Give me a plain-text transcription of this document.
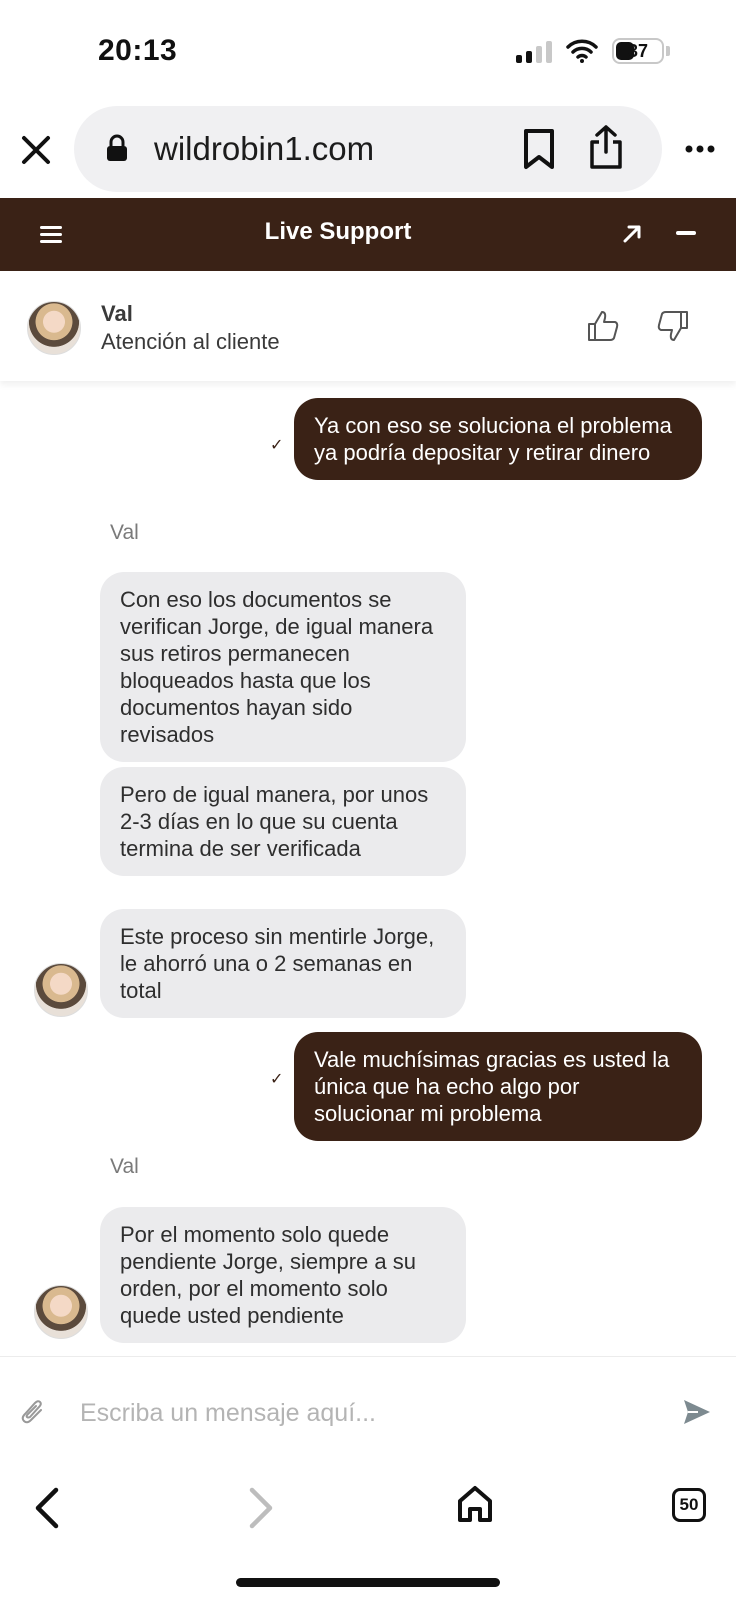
20:13	37
wildrobin1.com
Live Support
Val
Atención al cliente
✓
Ya con eso se soluciona el problema ya podría depositar y retirar dinero
Val
Con eso los documentos se verifican Jorge, de igual manera sus retiros permanecen bloqueados hasta que los documentos hayan sido revisados
Pero de igual manera, por unos 2-3 días en lo que su cuenta termina de ser verificada
Este proceso sin mentirle Jorge, le ahorró una o 2 semanas en total
✓
Vale muchísimas gracias es usted la única que ha echo algo por solucionar mi problema
Val
Por el momento solo quede pendiente Jorge, siempre a su orden, por el momento solo quede usted pendiente
Escriba un mensaje aquí...
50
